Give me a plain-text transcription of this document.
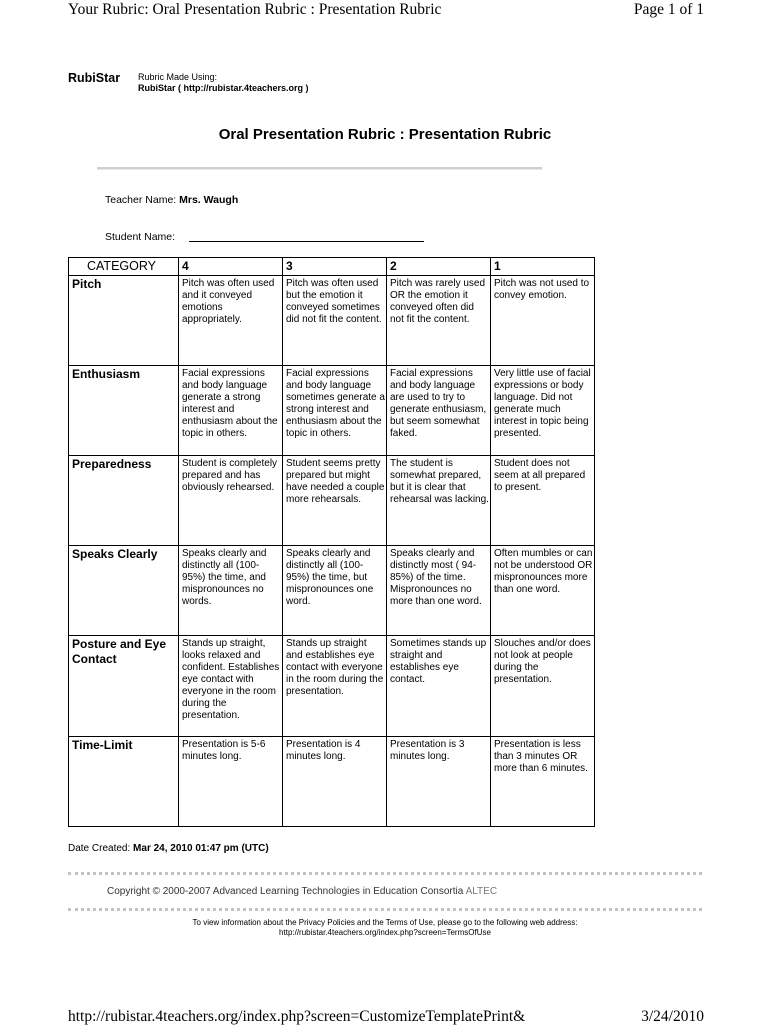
Your Rubric: Oral Presentation Rubric : Presentation Rubric	Page 1 of 1
RubiStar Rubric Made Using:
RubiStar ( http://rubistar.4teachers.org )
Oral Presentation Rubric : Presentation Rubric
Teacher Name: Mrs. Waugh
Student Name:
CATEGORY	4	3	2	1
Pitch	Pitch was often used and it conveyed emotions appropriately.	Pitch was often used but the emotion it conveyed sometimes did not fit the content.	Pitch was rarely used OR the emotion it conveyed often did not fit the content.	Pitch was not used to convey emotion.
Enthusiasm	Facial expressions and body language generate a strong interest and enthusiasm about the topic in others.	Facial expressions and body language sometimes generate a strong interest and enthusiasm about the topic in others.	Facial expressions and body language are used to try to generate enthusiasm, but seem somewhat faked.	Very little use of facial expressions or body language. Did not generate much interest in topic being presented.
Preparedness	Student is completely prepared and has obviously rehearsed.	Student seems pretty prepared but might have needed a couple more rehearsals.	The student is somewhat prepared, but it is clear that rehearsal was lacking.	Student does not seem at all prepared to present.
Speaks Clearly	Speaks clearly and distinctly all (100-95%) the time, and mispronounces no words.	Speaks clearly and distinctly all (100-95%) the time, but mispronounces one word.	Speaks clearly and distinctly most ( 94-85%) of the time. Mispronounces no more than one word.	Often mumbles or can not be understood OR mispronounces more than one word.
Posture and Eye Contact	Stands up straight, looks relaxed and confident. Establishes eye contact with everyone in the room during the presentation.	Stands up straight and establishes eye contact with everyone in the room during the presentation.	Sometimes stands up straight and establishes eye contact.	Slouches and/or does not look at people during the presentation.
Time-Limit	Presentation is 5-6 minutes long.	Presentation is 4 minutes long.	Presentation is 3 minutes long.	Presentation is less than 3 minutes OR more than 6 minutes.
Date Created: Mar 24, 2010 01:47 pm (UTC)
Copyright © 2000-2007 Advanced Learning Technologies in Education Consortia ALTEC
To view information about the Privacy Policies and the Terms of Use, please go to the following web address:
http://rubistar.4teachers.org/index.php?screen=TermsOfUse
http://rubistar.4teachers.org/index.php?screen=CustomizeTemplatePrint&	3/24/2010
